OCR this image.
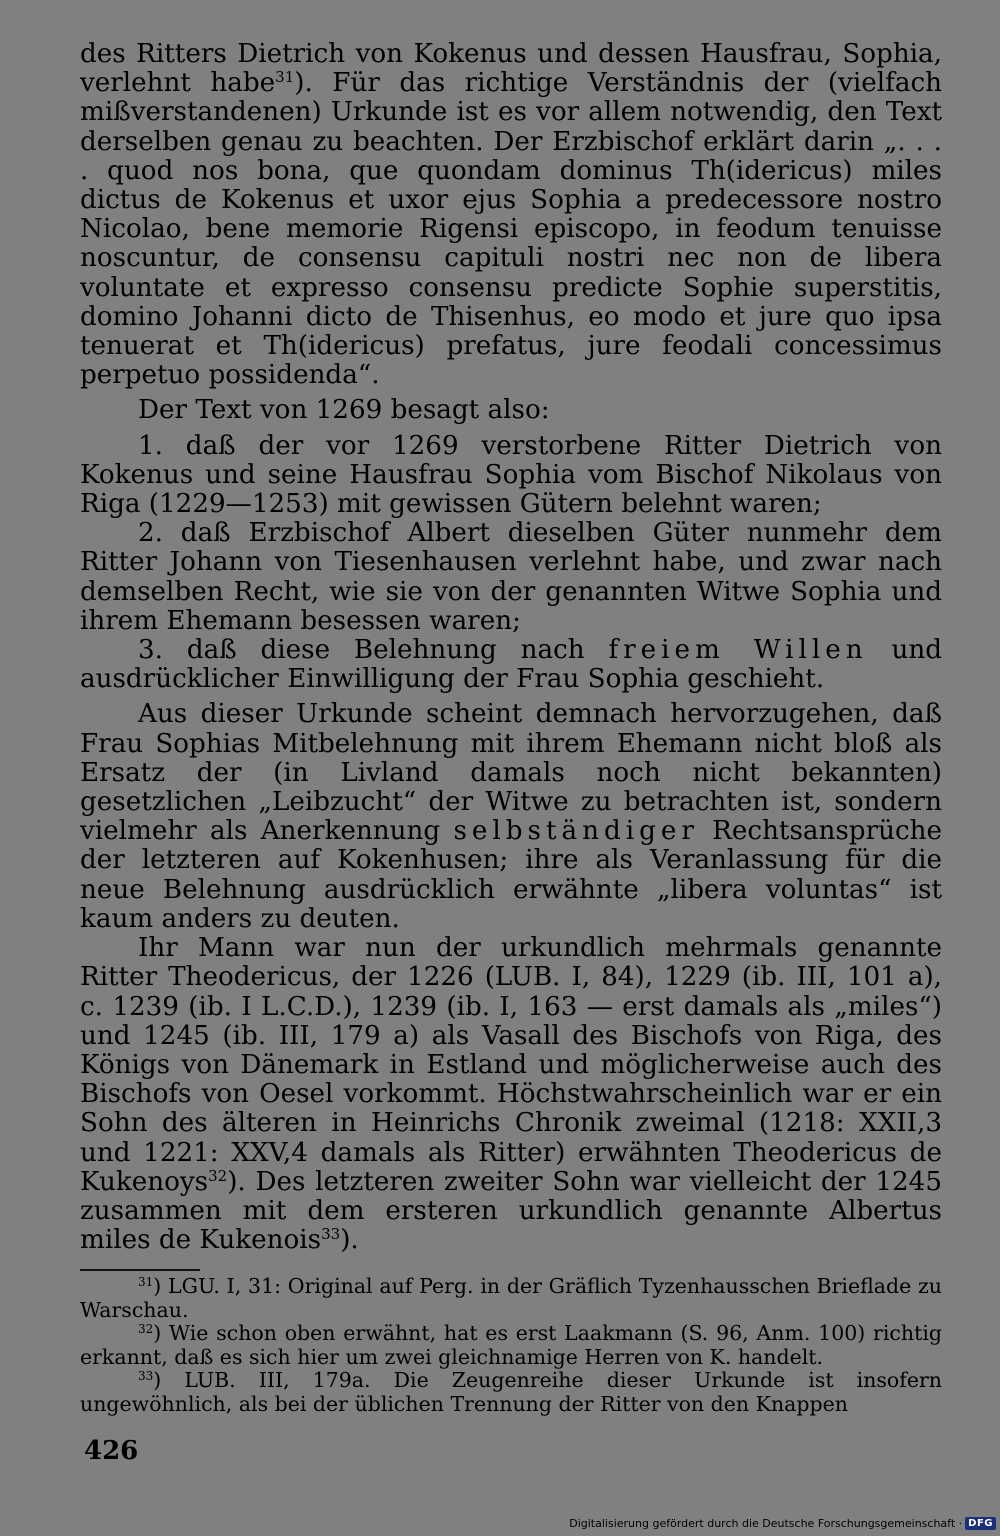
des Ritters Dietrich von Kokenus und dessen Hausfrau, Sophia, verlehnt habe$^{31}$). Für das richtige Verständnis der (vielfach mißverstandenen) Urkunde ist es vor allem notwendig, den Text derselben genau zu beachten. Der Erzbischof erklärt darin „. . . . quod nos bona, que quondam dominus Th(idericus) miles dictus de Kokenus et uxor ejus Sophia a predecessore nostro Nicolao, bene memorie Rigensi episcopo, in feodum tenuisse noscuntur, de consensu capituli nostri nec non de libera voluntate et expresso consensu predicte Sophie superstitis, domino Johanni dicto de Thisenhus, eo modo et jure quo ipsa tenuerat et Th(idericus) prefatus, jure feodali concessimus perpetuo possidenda“.

Der Text von 1269 besagt also:

1. daß der vor 1269 verstorbene Ritter Dietrich von Kokenus und seine Hausfrau Sophia vom Bischof Nikolaus von Riga (1229—1253) mit gewissen Gütern belehnt waren;

2. daß Erzbischof Albert dieselben Güter nunmehr dem Ritter Johann von Tiesenhausen verlehnt habe, und zwar nach demselben Recht, wie sie von der genannten Witwe Sophia und ihrem Ehemann besessen waren;

3. daß diese Belehnung nach freiem Willen und ausdrücklicher Einwilligung der Frau Sophia geschieht.

Aus dieser Urkunde scheint demnach hervorzugehen, daß Frau Sophias Mitbelehnung mit ihrem Ehemann nicht bloß als Ersatz der (in Livland damals noch nicht bekannten) gesetzlichen „Leibzucht“ der Witwe zu betrachten ist, sondern vielmehr als Anerkennung selbständiger Rechtsansprüche der letzteren auf Kokenhusen; ihre als Veranlassung für die neue Belehnung ausdrücklich erwähnte „libera voluntas“ ist kaum anders zu deuten.

Ihr Mann war nun der urkundlich mehrmals genannte Ritter Theodericus, der 1226 (LUB. I, 84), 1229 (ib. III, 101 a), c. 1239 (ib. I L.C.D.), 1239 (ib. I, 163 — erst damals als „miles“) und 1245 (ib. III, 179 a) als Vasall des Bischofs von Riga, des Königs von Dänemark in Estland und möglicherweise auch des Bischofs von Oesel vorkommt. Höchstwahrscheinlich war er ein Sohn des älteren in Heinrichs Chronik zweimal (1218: XXII,3 und 1221: XXV,4 damals als Ritter) erwähnten Theodericus de Kukenoys$^{32}$). Des letzteren zweiter Sohn war vielleicht der 1245 zusammen mit dem ersteren urkundlich genannte Albertus miles de Kukenois$^{33}$).

$^{31}$) LGU. I, 31: Original auf Perg. in der Gräflich Tyzenhausschen Brieflade zu Warschau.

$^{32}$) Wie schon oben erwähnt, hat es erst Laakmann (S. 96, Anm. 100) richtig erkannt, daß es sich hier um zwei gleichnamige Herren von K. handelt.

$^{33}$) LUB. III, 179a. Die Zeugenreihe dieser Urkunde ist insofern ungewöhnlich, als bei der üblichen Trennung der Ritter von den Knappen

426
Digitalisierung gefördert durch die Deutsche Forschungsgemeinschaft · DFG
